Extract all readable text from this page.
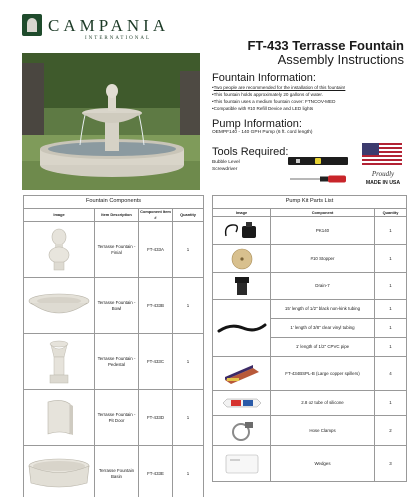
CAMPANIA
INTERNATIONAL	FT-433 Terrasse Fountain
Assembly Instructions
Fountain Information:
• Two people are recommended for the installation of this fountain!
• This fountain holds approximately 20 gallons of water.
• This fountain uses a medium fountain cover: FTNCOV-MED
• Compatible with #10 Refill Device and LED lights
Pump Information:
OEMPF140 - 140 GPH Pump (6 ft. cord length)
Tools Required:
Bubble Level
Screwdriver
Proudly
MADE IN USA
Fountain Components			
Image	Item Description	Component Item #	Quantity

	Terrasse Fountain - Finial	FT-433A	1

	Terrasse Fountain - Bowl	FT-433B	1

	Terrasse Fountain - Pedestal	FT-433C	1

	Terrasse Fountain - Pit Door	FT-433D	1

	Terrasse Fountain Basin	FT-433E	1
Pump Kit Parts List		
Image	Component	Quantity

	PK140	1

	#10 Stopper	1

	Drain-7	1

	15' length of 1/2" black non-kink tubing	1
	1' length of 3/8" clear vinyl tubing	1
	1' length of 1/2" CPVC pipe	1

	FT-434BSPL-B (Large copper spillers)	4

	2.8 oz tube of silicone	1

	Hose Clamps	2

	Wedges	3
